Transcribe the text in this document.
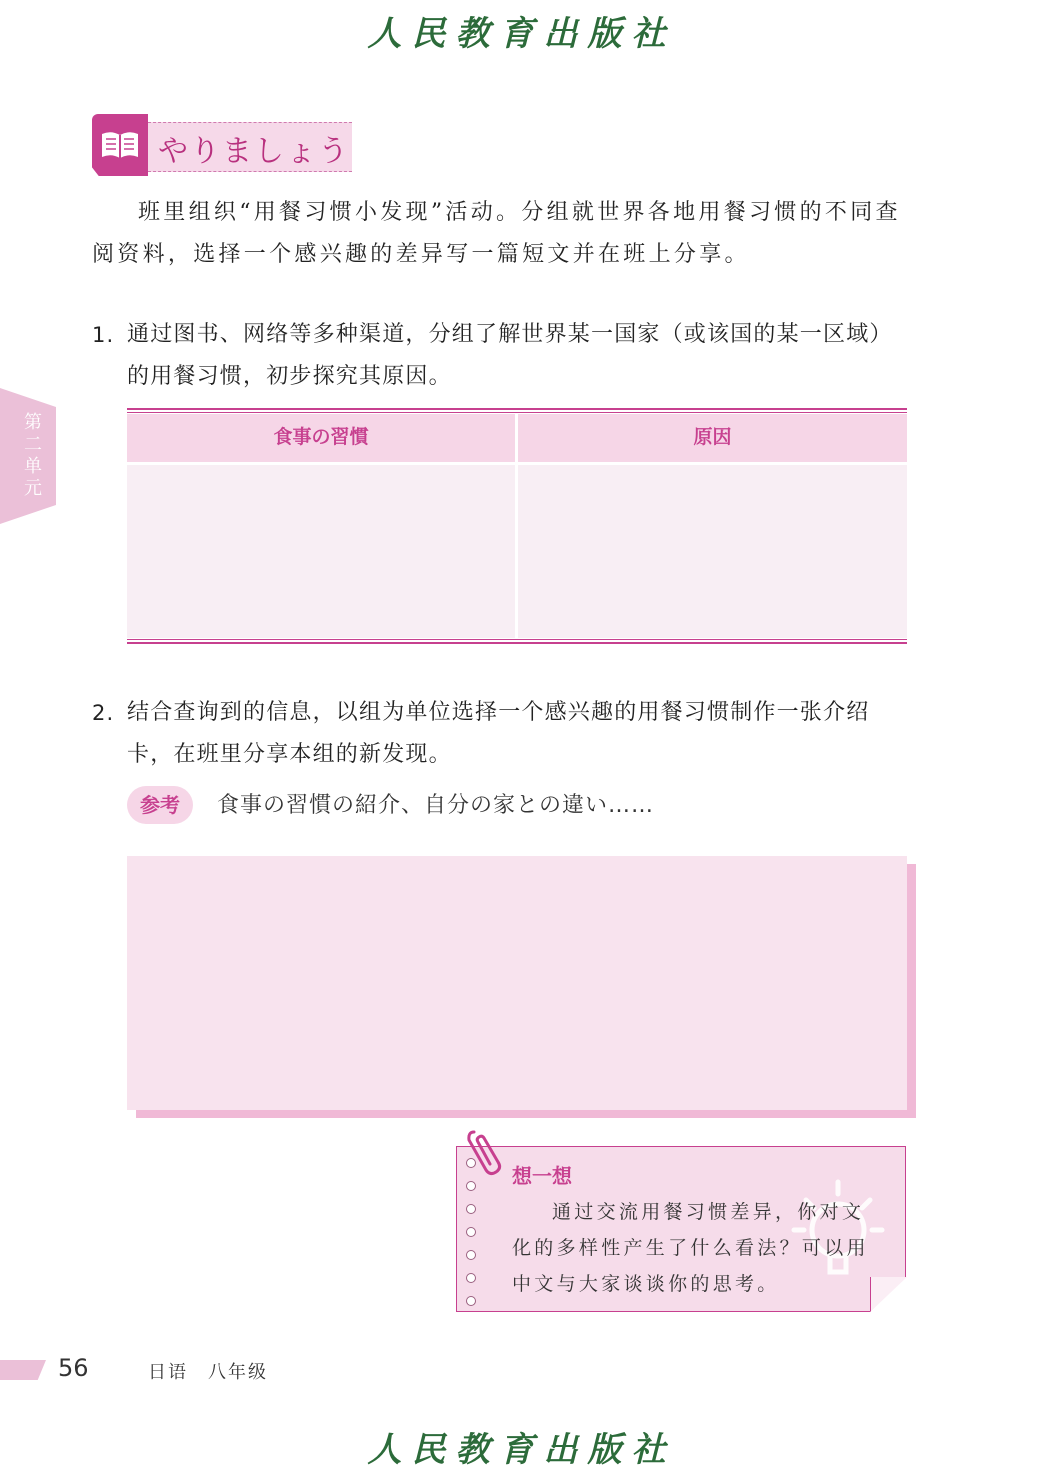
人民教育出版社
やりましょう
班里组织“用餐习惯小发现”活动。分组就世界各地用餐习惯的不同查
阅资料，选择一个感兴趣的差异写一篇短文并在班上分享。
1. 通过图书、网络等多种渠道，分组了解世界某一国家（或该国的某一区域）
的用餐习惯，初步探究其原因。
食事の習慣	原因
2. 结合查询到的信息，以组为单位选择一个感兴趣的用餐习惯制作一张介绍
卡，在班里分享本组的新发现。
参考	食事の習慣の紹介、自分の家との違い……
想一想
通过交流用餐习惯差异，你对文
化的多样性产生了什么看法？可以用
中文与大家谈谈你的思考。
第二单元
56	日语　八年级
人民教育出版社
